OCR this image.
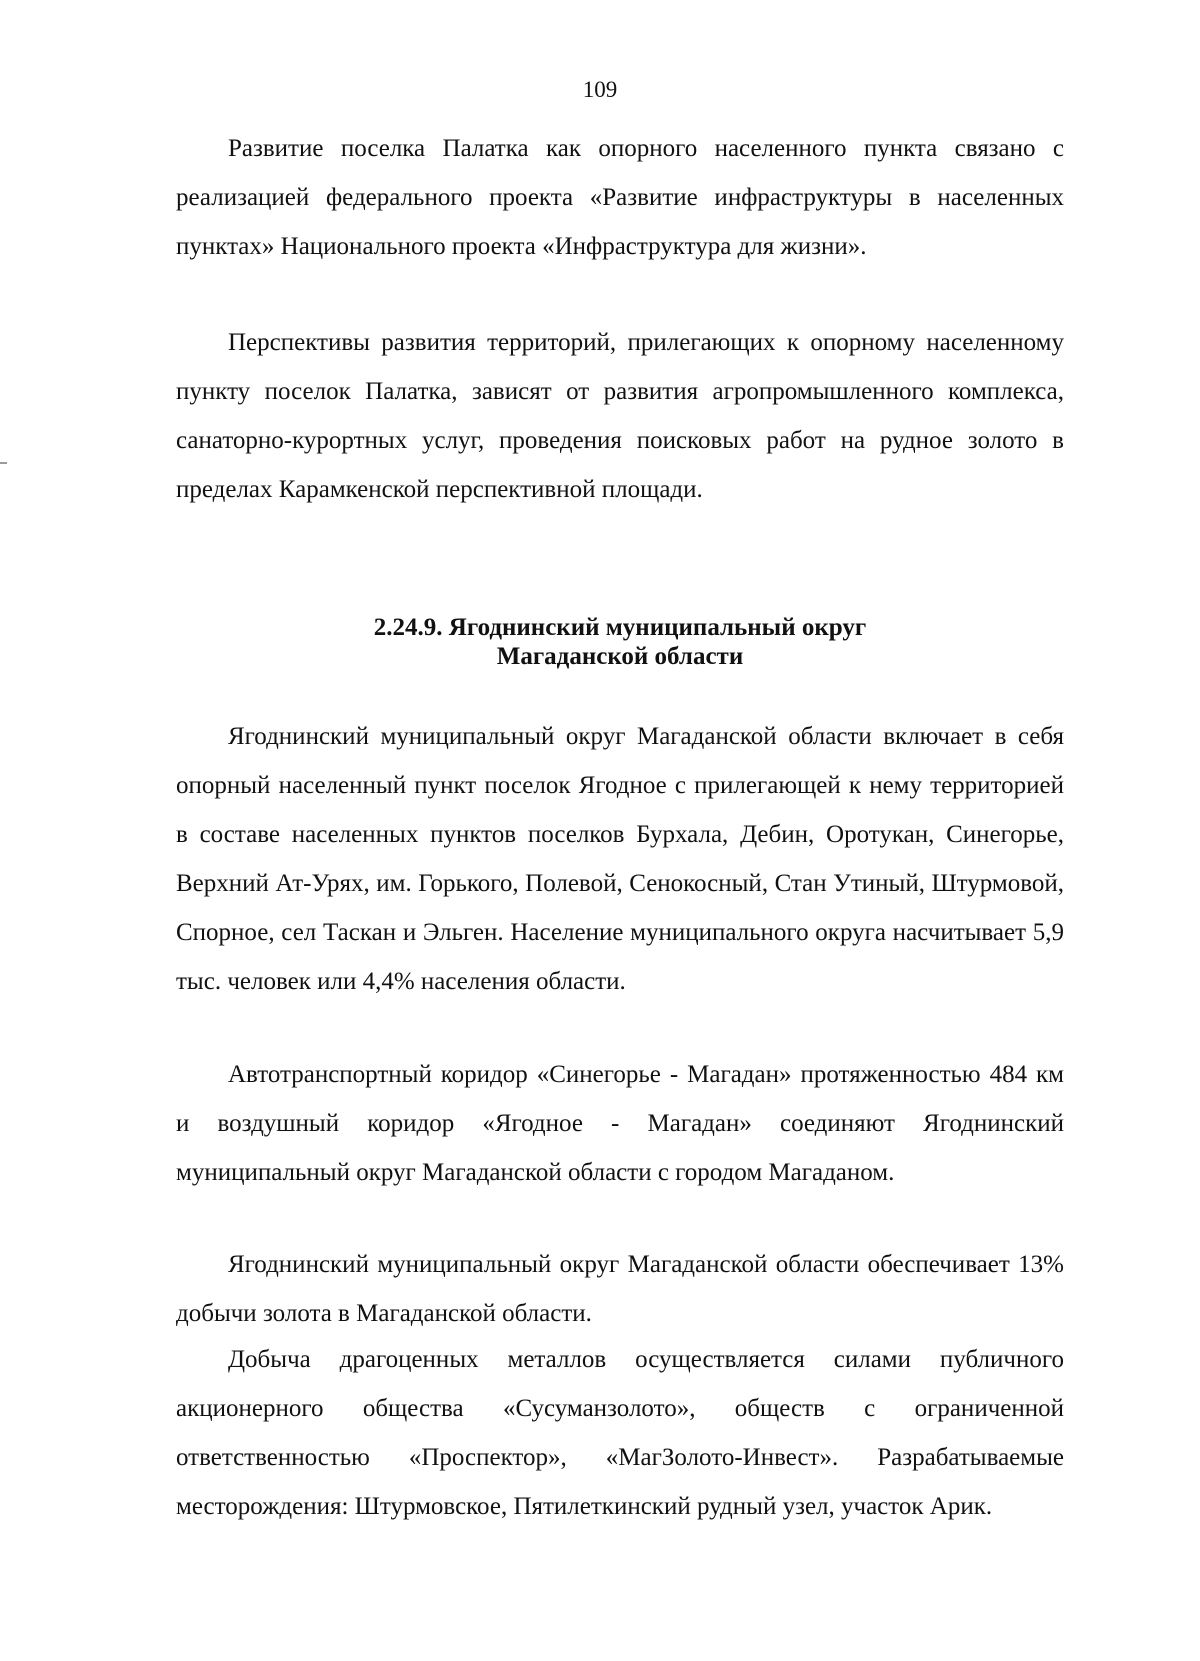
109

Развитие поселка Палатка как опорного населенного пункта связано с реализацией федерального проекта «Развитие инфраструктуры в населенных пунктах» Национального проекта «Инфраструктура для жизни».

Перспективы развития территорий, прилегающих к опорному населенному пункту поселок Палатка, зависят от развития агропромышленного комплекса, санаторно-курортных услуг, проведения поисковых работ на рудное золото в пределах Карамкенской перспективной площади.

2.24.9. Ягоднинский муниципальный округ
Магаданской области

Ягоднинский муниципальный округ Магаданской области включает в себя опорный населенный пункт поселок Ягодное с прилегающей к нему территорией в составе населенных пунктов поселков Бурхала, Дебин, Оротукан, Синегорье, Верхний Ат-Урях, им. Горького, Полевой, Сенокосный, Стан Утиный, Штурмовой, Спорное, сел Таскан и Эльген. Население муниципального округа насчитывает 5,9 тыс. человек или 4,4% населения области.

Автотранспортный коридор «Синегорье - Магадан» протяженностью 484 км и воздушный коридор «Ягодное - Магадан» соединяют Ягоднинский муниципальный округ Магаданской области с городом Магаданом.

Ягоднинский муниципальный округ Магаданской области обеспечивает 13% добычи золота в Магаданской области.

Добыча драгоценных металлов осуществляется силами публичного акционерного общества «Сусуманзолото», обществ с ограниченной ответственностью «Проспектор», «МагЗолото-Инвест». Разрабатываемые месторождения: Штурмовское, Пятилеткинский рудный узел, участок Арик.
